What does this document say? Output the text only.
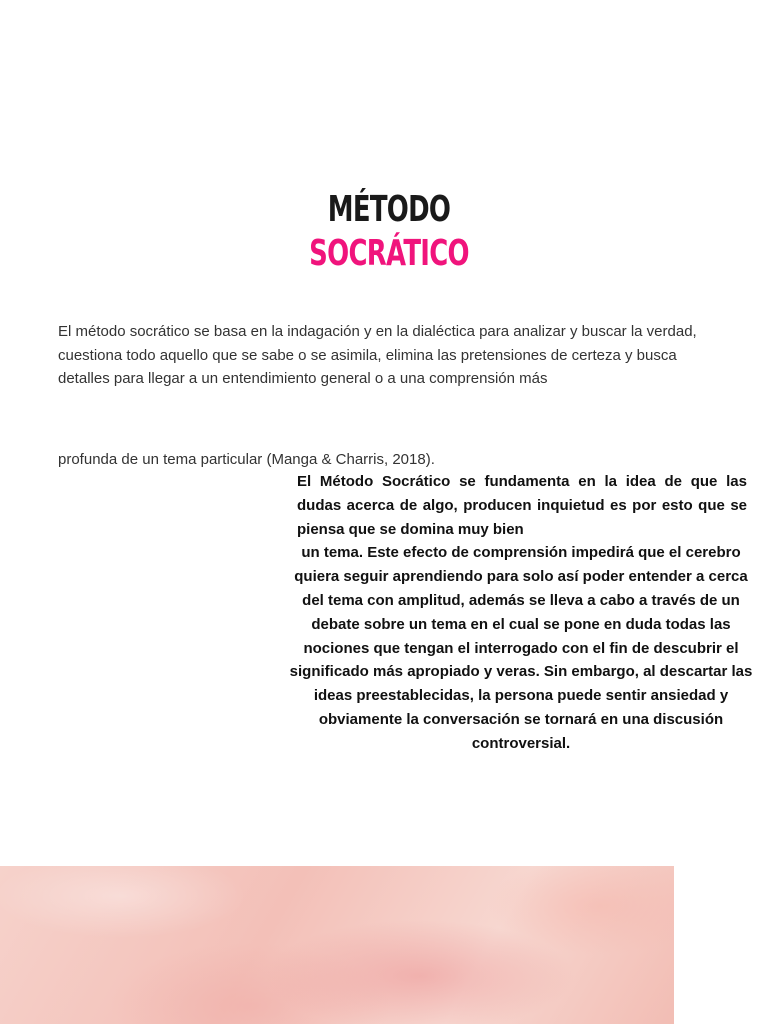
MÉTODO
SOCRÁTICO

El método socrático se basa en la indagación y en la dialéctica para analizar y buscar la verdad, cuestiona todo aquello que se sabe o se asimila, elimina las pretensiones de certeza y busca detalles para llegar a un entendimiento general o a una comprensión más

profunda de un tema particular (Manga & Charris, 2018).

El Método Socrático se fundamenta en la idea de que las dudas acerca de algo, producen inquietud es por esto que se piensa que se domina muy bien
un tema. Este efecto de comprensión impedirá que el cerebro quiera seguir aprendiendo para solo así poder entender a cerca del tema con amplitud, además se lleva a cabo a través de un debate sobre un tema en el cual se pone en duda todas las nociones que tengan el interrogado con el fin de descubrir el significado más apropiado y veras. Sin embargo, al descartar las ideas preestablecidas, la persona puede sentir ansiedad y obviamente la conversación se tornará en una discusión controversial.
